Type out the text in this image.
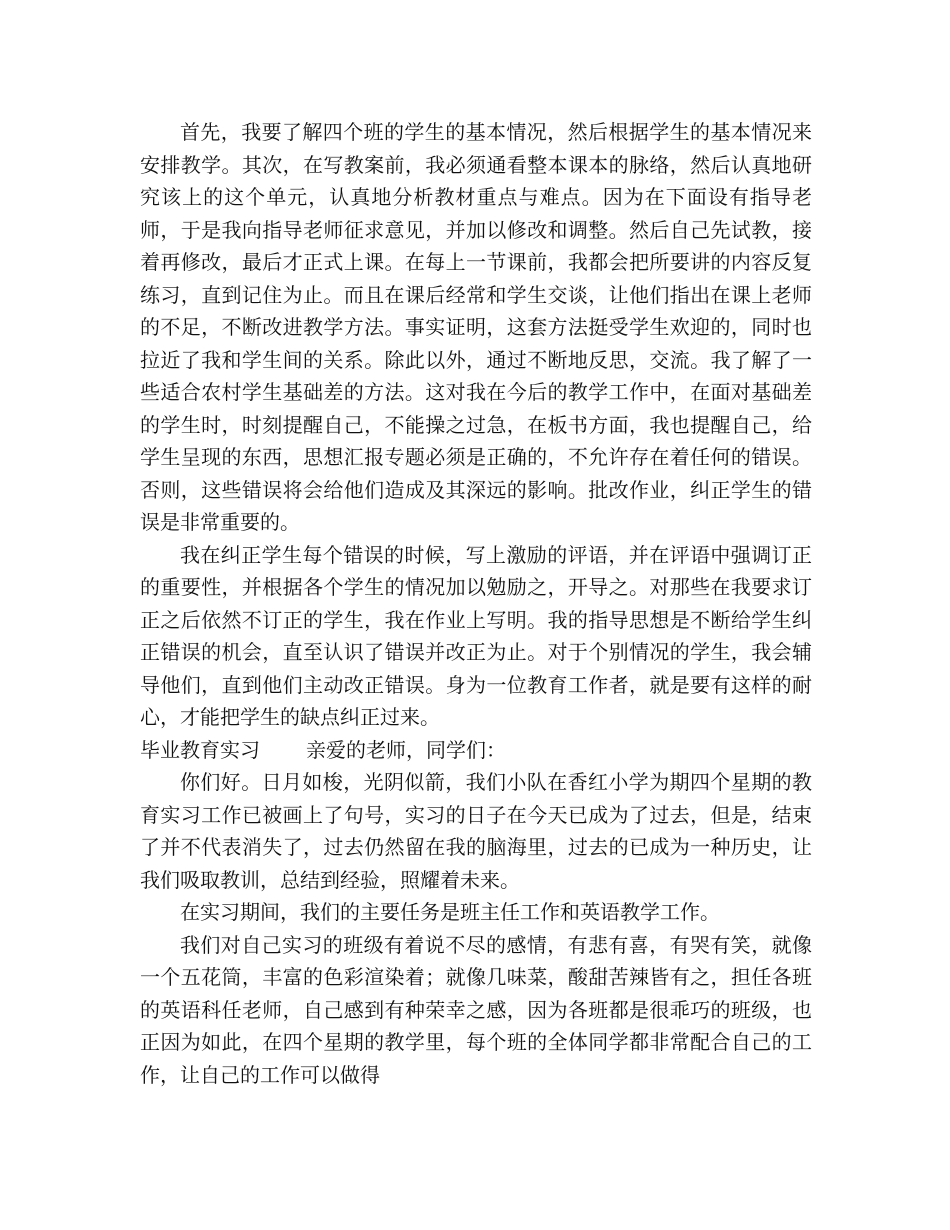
首先，我要了解四个班的学生的基本情况，然后根据学生的基本情况来安排教学。其次，在写教案前，我必须通看整本课本的脉络，然后认真地研究该上的这个单元，认真地分析教材重点与难点。因为在下面设有指导老师，于是我向指导老师征求意见，并加以修改和调整。然后自己先试教，接着再修改，最后才正式上课。在每上一节课前，我都会把所要讲的内容反复练习，直到记住为止。而且在课后经常和学生交谈，让他们指出在课上老师的不足，不断改进教学方法。事实证明，这套方法挺受学生欢迎的，同时也拉近了我和学生间的关系。除此以外，通过不断地反思，交流。我了解了一些适合农村学生基础差的方法。这对我在今后的教学工作中，在面对基础差的学生时，时刻提醒自己，不能操之过急，在板书方面，我也提醒自己，给学生呈现的东西，思想汇报专题必须是正确的，不允许存在着任何的错误。否则，这些错误将会给他们造成及其深远的影响。批改作业，纠正学生的错误是非常重要的。

我在纠正学生每个错误的时候，写上激励的评语，并在评语中强调订正的重要性，并根据各个学生的情况加以勉励之，开导之。对那些在我要求订正之后依然不订正的学生，我在作业上写明。我的指导思想是不断给学生纠正错误的机会，直至认识了错误并改正为止。对于个别情况的学生，我会辅导他们，直到他们主动改正错误。身为一位教育工作者，就是要有这样的耐心，才能把学生的缺点纠正过来。

毕业教育实习 亲爱的老师，同学们：

你们好。日月如梭，光阴似箭，我们小队在香红小学为期四个星期的教育实习工作已被画上了句号，实习的日子在今天已成为了过去，但是，结束了并不代表消失了，过去仍然留在我的脑海里，过去的已成为一种历史，让我们吸取教训，总结到经验，照耀着未来。

在实习期间，我们的主要任务是班主任工作和英语教学工作。

我们对自己实习的班级有着说不尽的感情，有悲有喜，有哭有笑，就像一个五花筒，丰富的色彩渲染着；就像几味菜，酸甜苦辣皆有之，担任各班的英语科任老师，自己感到有种荣幸之感，因为各班都是很乖巧的班级，也正因为如此，在四个星期的教学里，每个班的全体同学都非常配合自己的工作，让自己的工作可以做得
